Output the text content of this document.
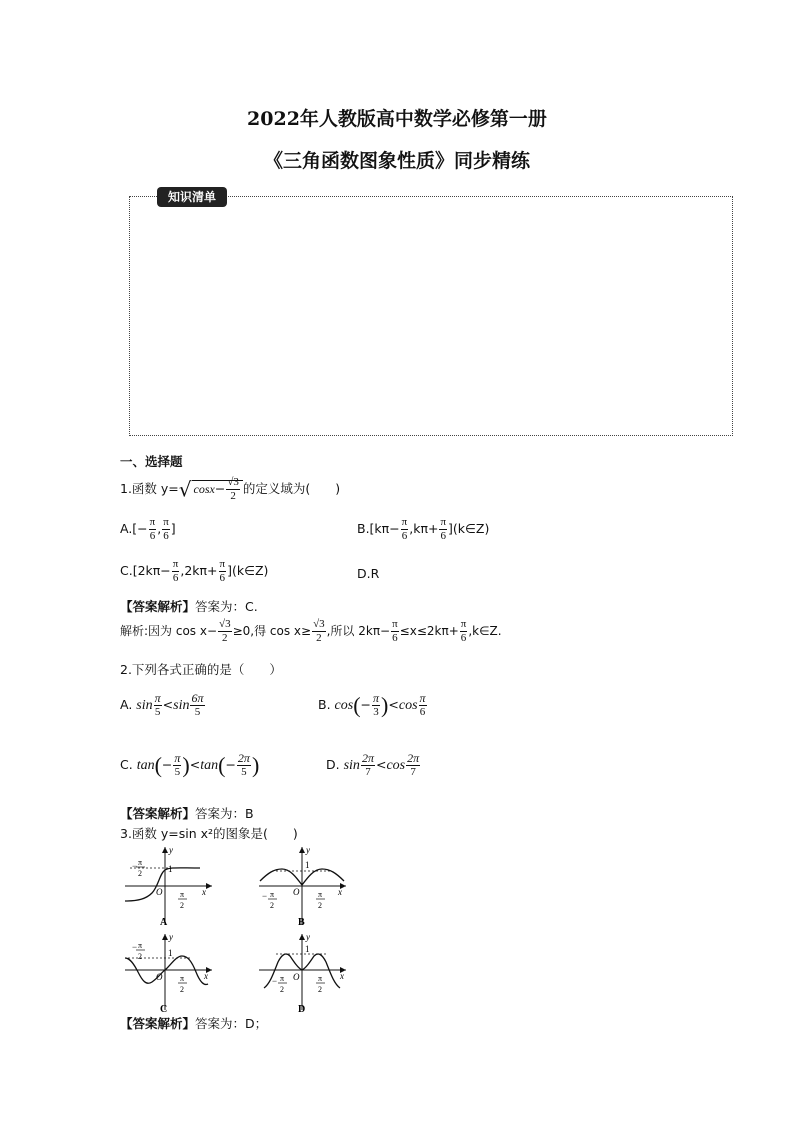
2022年人教版高中数学必修第一册
《三角函数图象性质》同步精练
知识清单
一、选择题
1.函数 y=√ $\cos x- \frac{√3}{2}$ 的定义域为(　　)
$A.[- \frac{\pi}{6}$ , $\frac{\pi}{6}$ ]	$B.[k\pi- \frac{\pi}{6} ,k\pi+ \frac{\pi}{6}$ ](k∈Z)
$C.[2k\pi- \frac{\pi}{6} ,2k\pi+ \frac{\pi}{6}$ ](k∈Z)	D.R
【答案解析】答案为：C.
解析:因为 $\cos x- \frac{√3}{2} \ge 0$,得 $\cos x\ge \frac{√3}{2}$ ,所以 $2k\pi- \frac{\pi}{6} \le x\le 2k\pi+ \frac{\pi}{6}$ ,k∈Z.
2.下列各式正确的是（　　）
A. $\sin \frac{\pi}{5} <\sin \frac{6\pi}{5}$	B. $\cos(- \frac{\pi}{3} )<\cos \frac{\pi}{6}$
C. $\tan(- \frac{\pi}{5} )<\tan(- \frac{2\pi}{5}$ )	D. $\sin \frac{2\pi}{7} <\cos \frac{2\pi}{7}$
【答案解析】答案为：B
3.函数 y=sin x²的图象是(　　)
y
x
O
1
− π
2
π
2
A
y
x
O
1
− π
2
π
2
B
y
x
O
1
− π
2
π
2
C
y
x
O
1
− π
2
π
2
D
【答案解析】答案为：D；
